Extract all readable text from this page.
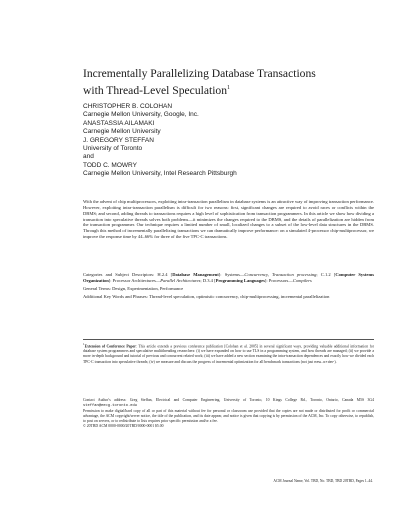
Incrementally Parallelizing Database Transactions
with Thread-Level Speculation$^1$
CHRISTOPHER B. COLOHAN
Carnegie Mellon University, Google, Inc.
ANASTASSIA AILAMAKI
Carnegie Mellon University
J. GREGORY STEFFAN
University of Toronto
and
TODD C. MOWRY
Carnegie Mellon University, Intel Research Pittsburgh
With the advent of chip multiprocessors, exploiting intra-transaction parallelism in database systems is an attractive way of improving transaction performance. However, exploiting intra-transaction parallelism is difficult for two reasons: first, significant changes are required to avoid races or conflicts within the DBMS; and second, adding threads to transactions requires a high level of sophistication from transaction programmers. In this article we show how dividing a transaction into speculative threads solves both problems—it minimizes the changes required to the DBMS, and the details of parallelization are hidden from the transaction programmer. Our technique requires a limited number of small, localized changes to a subset of the low-level data structures in the DBMS. Through this method of incrementally parallelizing transactions we can dramatically improve performance: on a simulated 4-processor chip-multiprocessor, we improve the response time by 44–66% for three of the five TPC-C transactions.

Categories and Subject Descriptors: H.2.4 [Database Management]: Systems—Concurrency, Transaction processing; C.1.2 [Computer Systems Organization]: Processor Architectures—Parallel Architectures; D.3.4 [Programming Languages]: Processors—Compilers

General Terms: Design, Experimentation, Performance

Additional Key Words and Phrases: Thread-level speculation, optimistic concurrency, chip-multiprocessing, incremental parallelization

$^1$Extension of Conference Paper: This article extends a previous conference publication [Colohan et al. 2005] in several significant ways, providing valuable additional information for database system programmers and speculative multithreading researchers: (i) we have expanded on how to use TLS in a programming system, and how threads are managed; (ii) we provide a more in-depth background and tutorial of previous and concurrent related work; (iii) we have added a new section examining the intra-transaction dependences and exactly how we divided each TPC-C transaction into speculative threads; (iv) we measure and discuss the progress of incremental optimization for all benchmark transactions (not just new-order).

Contact Author's address: Greg Steffan, Electrical and Computer Engineering, University of Toronto, 10 Kings College Rd., Toronto, Ontario, Canada M5S 3G4 steffan@eecg.toronto.edu

Permission to make digital/hard copy of all or part of this material without fee for personal or classroom use provided that the copies are not made or distributed for profit or commercial advantage, the ACM copyright/server notice, the title of the publication, and its date appear, and notice is given that copying is by permission of the ACM, Inc. To copy otherwise, to republish, to post on servers, or to redistribute to lists requires prior specific permission and/or a fee.

© 20TBD ACM 0000-0000/20TBD/0000-0001 $5.00

ACM Journal Name, Vol. TBD, No. TBD, TBD 20TBD, Pages 1–44.
